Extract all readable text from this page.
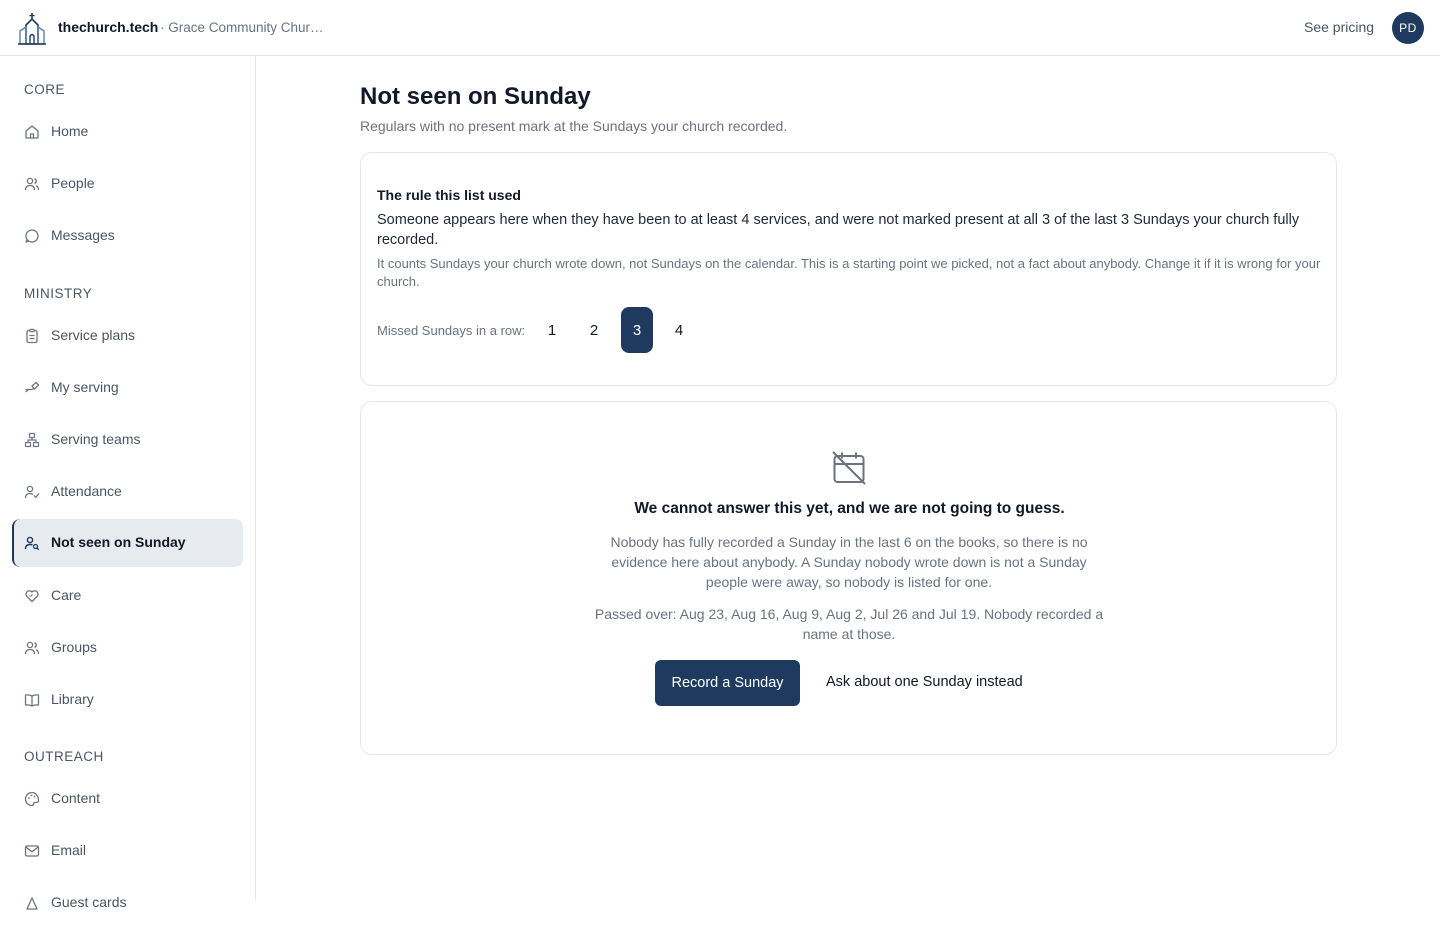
thechurch.tech · Grace Community Chur…	See pricing	PD
CORE
Home
People
Messages
MINISTRY
Service plans
My serving
Serving teams
Attendance
Not seen on Sunday
Care
Groups
Library
OUTREACH
Content
Email
Guest cards
Not seen on Sunday

Regulars with no present mark at the Sundays your church recorded.

The rule this list used
Someone appears here when they have been to at least 4 services, and were not marked present at all 3 of the last 3 Sundays your church fully recorded.
It counts Sundays your church wrote down, not Sundays on the calendar. This is a starting point we picked, not a fact about anybody. Change it if it is wrong for your church.
Missed Sundays in a row:	1	2	3	4
We cannot answer this yet, and we are not going to guess.
Nobody has fully recorded a Sunday in the last 6 on the books, so there is no evidence here about anybody. A Sunday nobody wrote down is not a Sunday people were away, so nobody is listed for one.
Passed over: Aug 23, Aug 16, Aug 9, Aug 2, Jul 26 and Jul 19. Nobody recorded a name at those.
Record a Sunday	Ask about one Sunday instead
